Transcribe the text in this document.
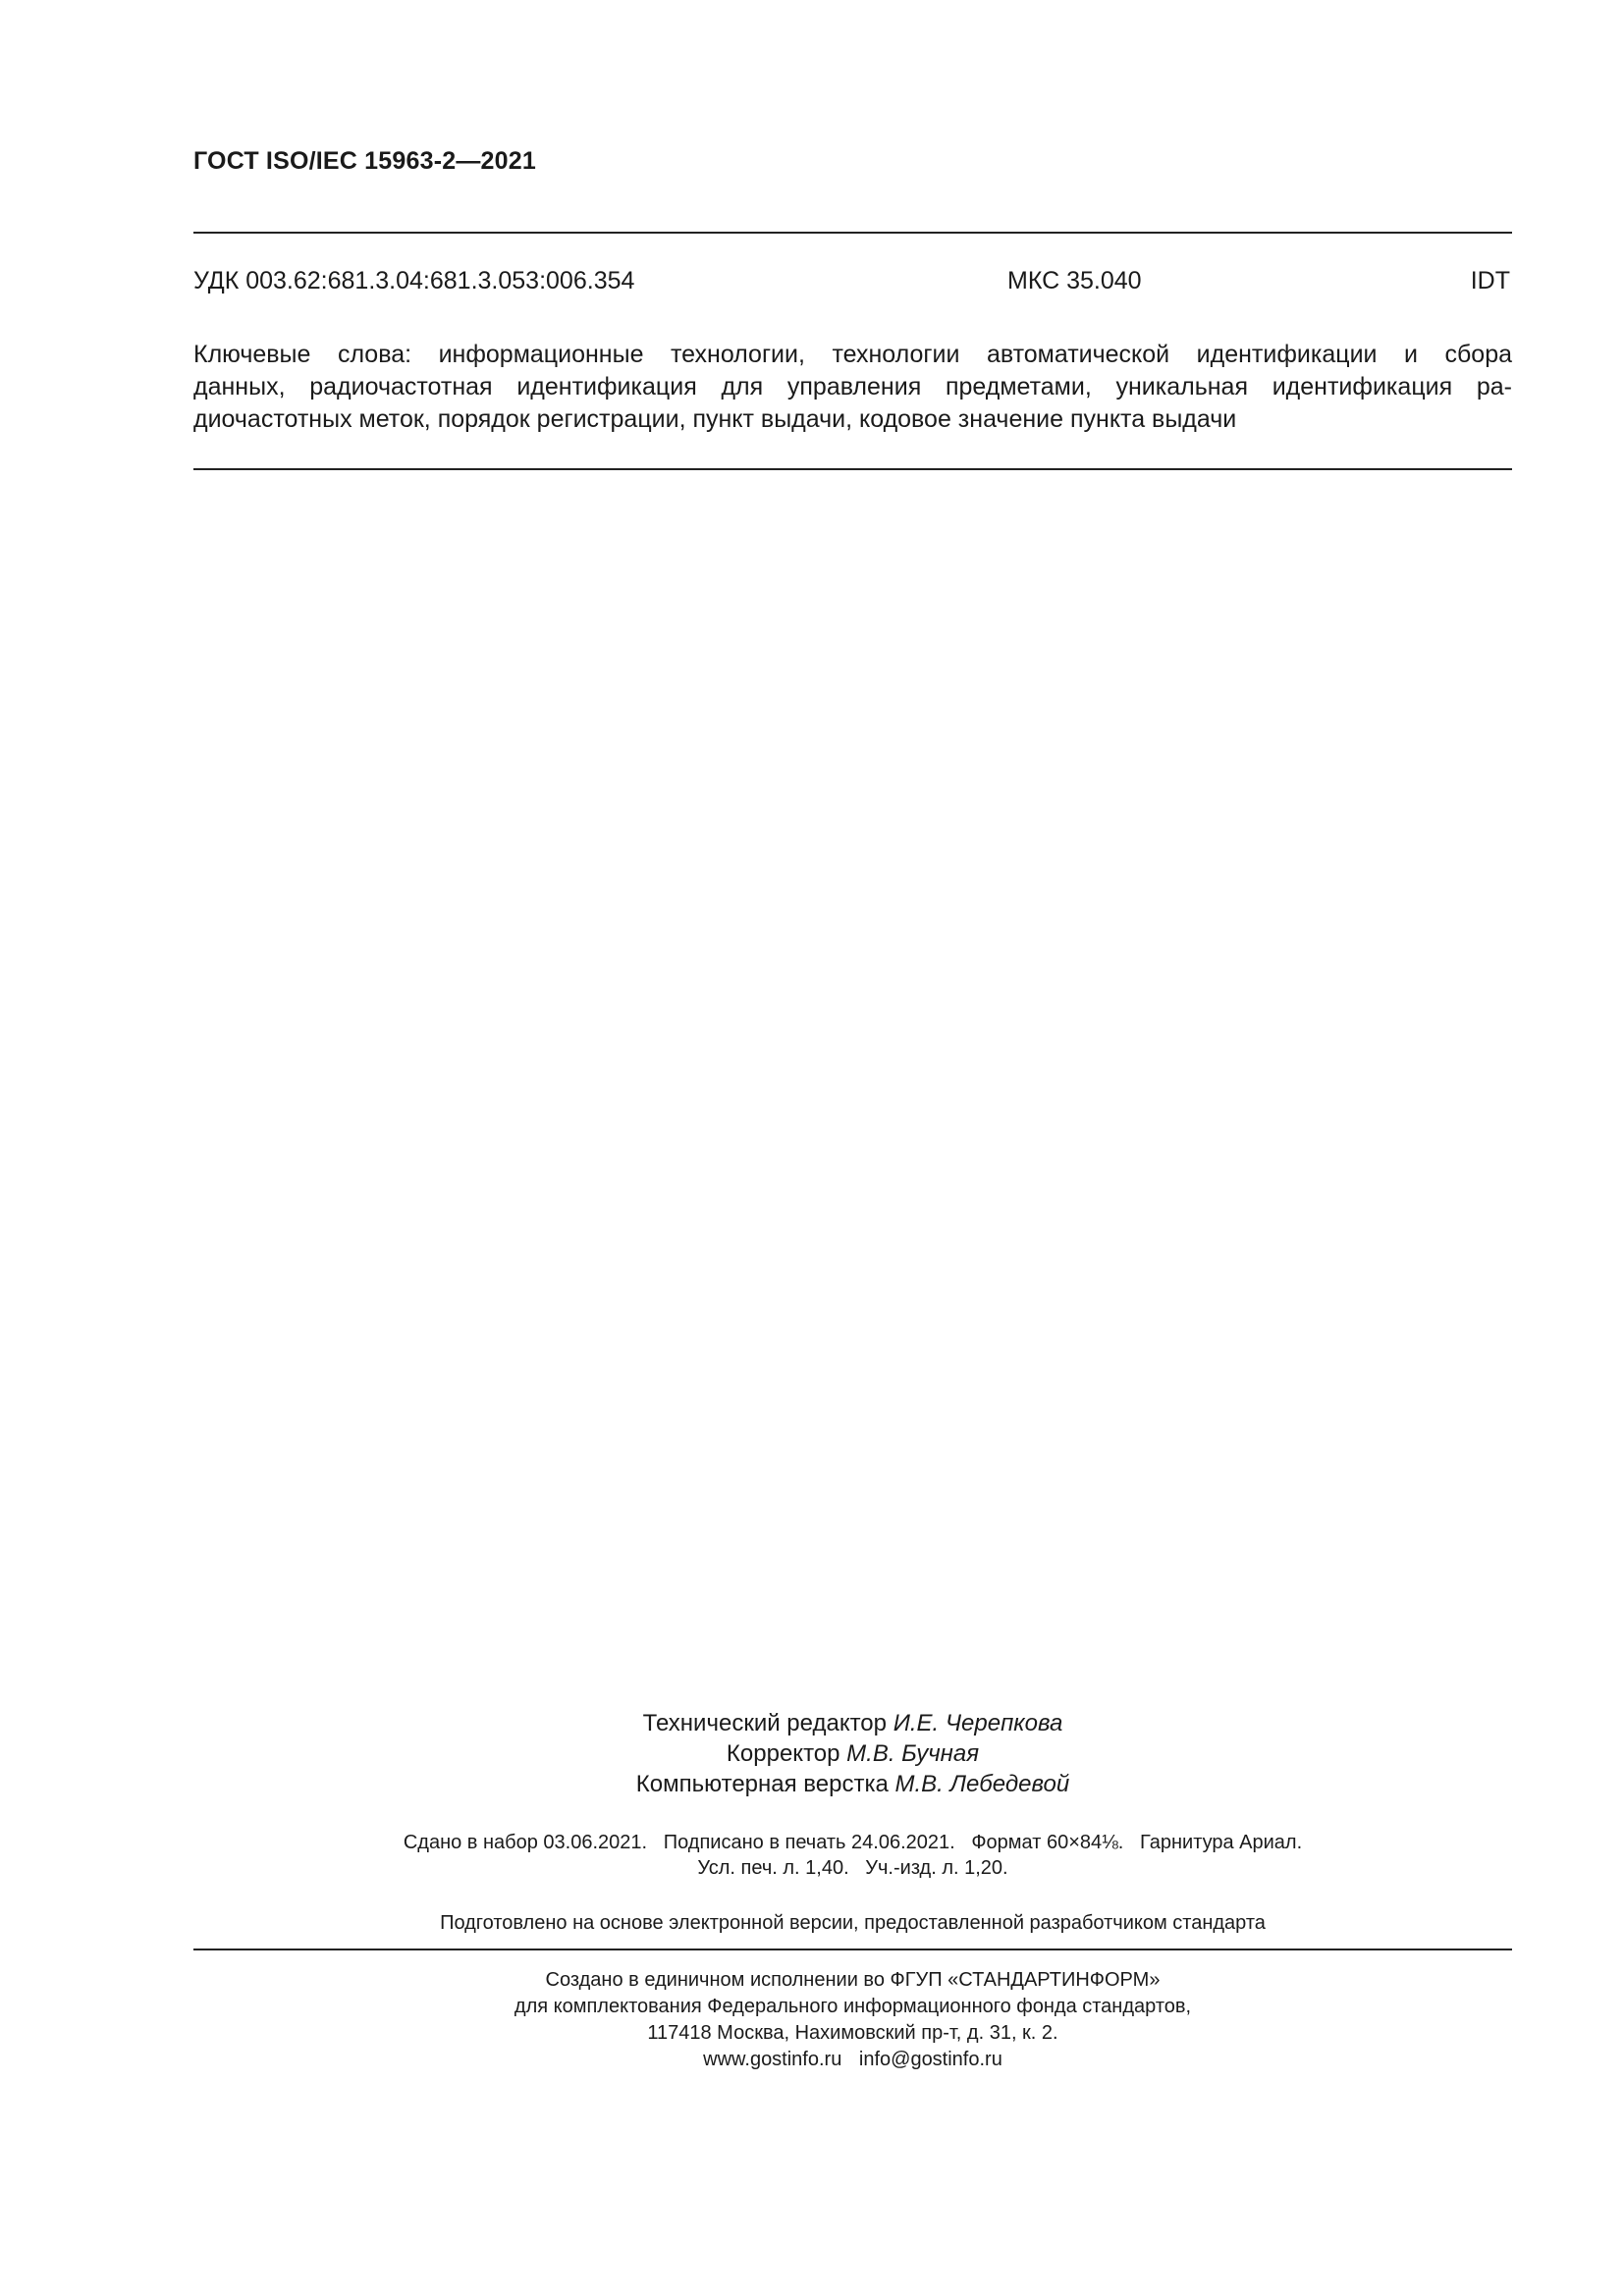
ГОСТ ISO/IEC 15963-2—2021
УДК 003.62:681.3.04:681.3.053:006.354	МКС 35.040	IDT
Ключевые слова: информационные технологии, технологии автоматической идентификации и сбора
данных, радиочастотная идентификация для управления предметами, уникальная идентификация ра-
диочастотных меток, порядок регистрации, пункт выдачи, кодовое значение пункта выдачи
Технический редактор И.Е. Черепкова
Корректор М.В. Бучная
Компьютерная верстка М.В. Лебедевой
Сдано в набор 03.06.2021.   Подписано в печать 24.06.2021.   Формат 60×84⅛.   Гарнитура Ариал.
Усл. печ. л. 1,40.   Уч.-изд. л. 1,20.
Подготовлено на основе электронной версии, предоставленной разработчиком стандарта
Создано в единичном исполнении во ФГУП «СТАНДАРТИНФОРМ»
для комплектования Федерального информационного фонда стандартов,
117418 Москва, Нахимовский пр-т, д. 31, к. 2.
www.gostinfo.ru info@gostinfo.ru
